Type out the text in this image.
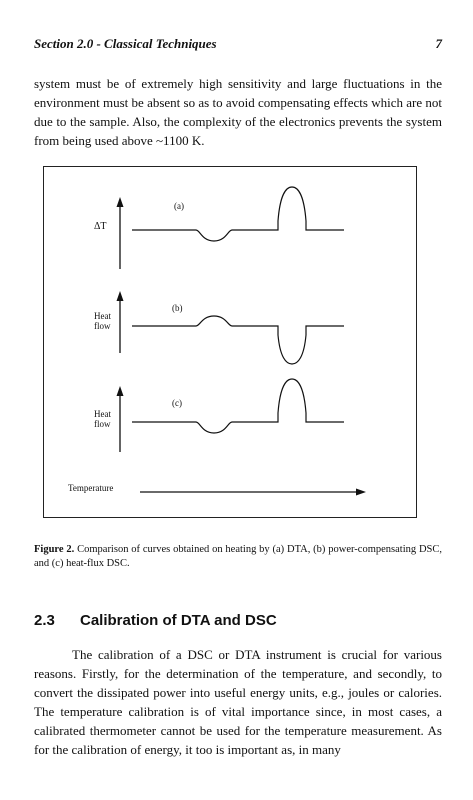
Section 2.0 - Classical Techniques	7

system must be of extremely high sensitivity and large fluctuations in the environment must be absent so as to avoid compensating effects which are not due to the sample. Also, the complexity of the electronics prevents the system from being used above ~1100 K.

(a)
ΔT
(b)
Heat flow
(c)
Heat flow
Temperature
Figure 2. Comparison of curves obtained on heating by (a) DTA, (b) power-compensating DSC, and (c) heat-flux DSC.
2.3 Calibration of DTA and DSC

The calibration of a DSC or DTA instrument is crucial for various reasons. Firstly, for the determination of the temperature, and secondly, to convert the dissipated power into useful energy units, e.g., joules or calories. The temperature calibration is of vital importance since, in most cases, a calibrated thermometer cannot be used for the temperature measurement. As for the calibration of energy, it too is important as, in many
